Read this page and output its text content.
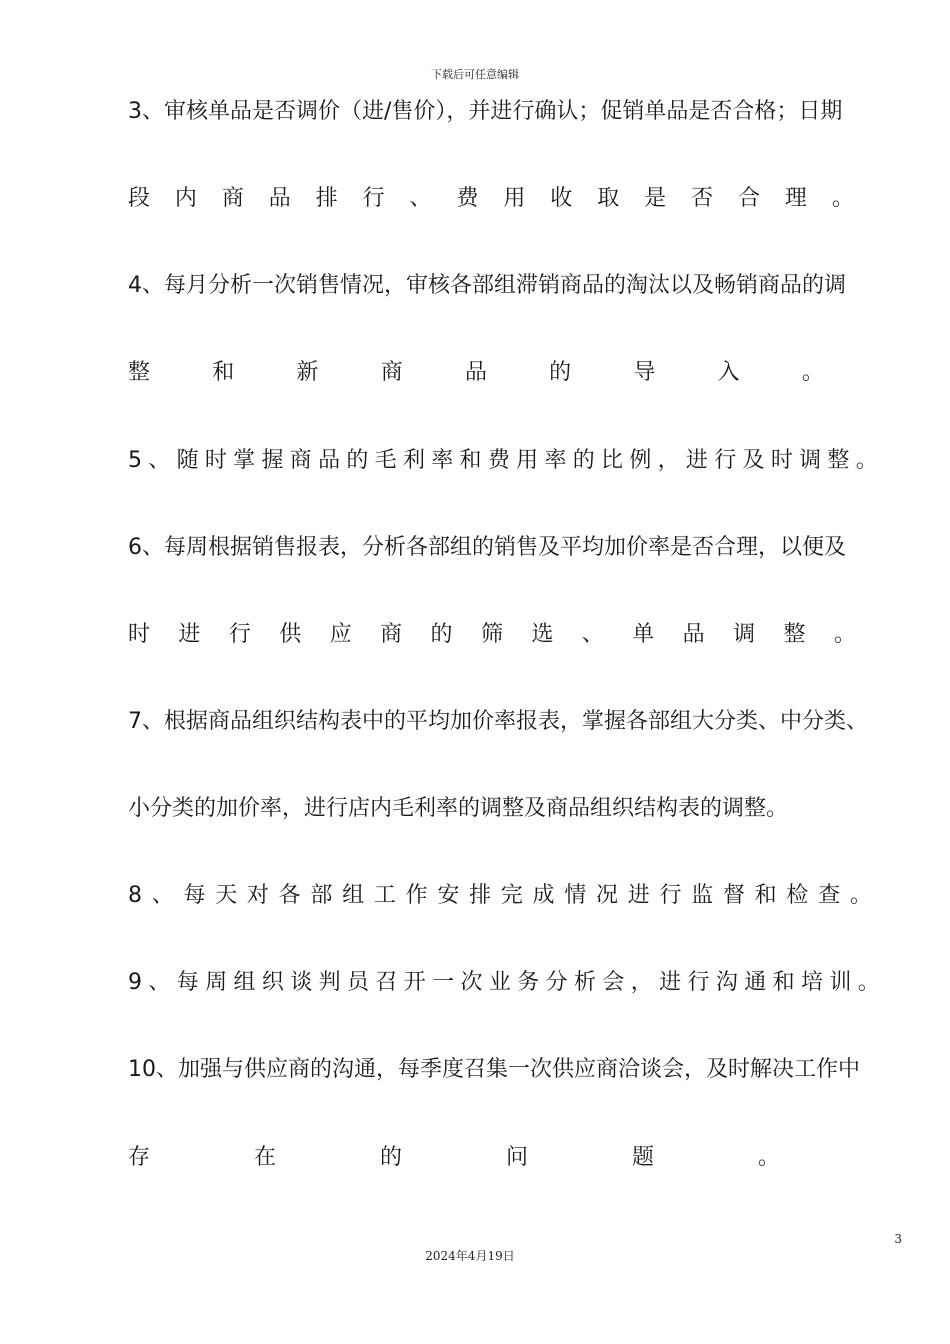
下载后可任意编辑
3、审核单品是否调价（进/售价），并进行确认；促销单品是否合格；日期
段 内 商 品 排 行 、 费 用 收 取 是 否 合 理 。
4、每月分析一次销售情况，审核各部组滞销商品的淘汰以及畅销商品的调
整	和	新	商	品	的	导	入	。
5 、 随 时 掌 握 商 品 的 毛 利 率 和 费 用 率 的 比 例 ， 进 行 及 时 调 整 。
6、每周根据销售报表，分析各部组的销售及平均加价率是否合理，以便及
时 进 行 供 应 商 的 筛 选 、 单 品 调 整 。
7、根据商品组织结构表中的平均加价率报表，掌握各部组大分类、中分类、
小分类的加价率，进行店内毛利率的调整及商品组织结构表的调整。
8 、 每 天 对 各 部 组 工 作 安 排 完 成 情 况 进 行 监 督 和 检 查 。
9 、 每 周 组 织 谈 判 员 召 开 一 次 业 务 分 析 会 ， 进 行 沟 通 和 培 训 。
10、加强与供应商的沟通，每季度召集一次供应商洽谈会，及时解决工作中
存	在	的	问	题	。
3
2024年4月19日
